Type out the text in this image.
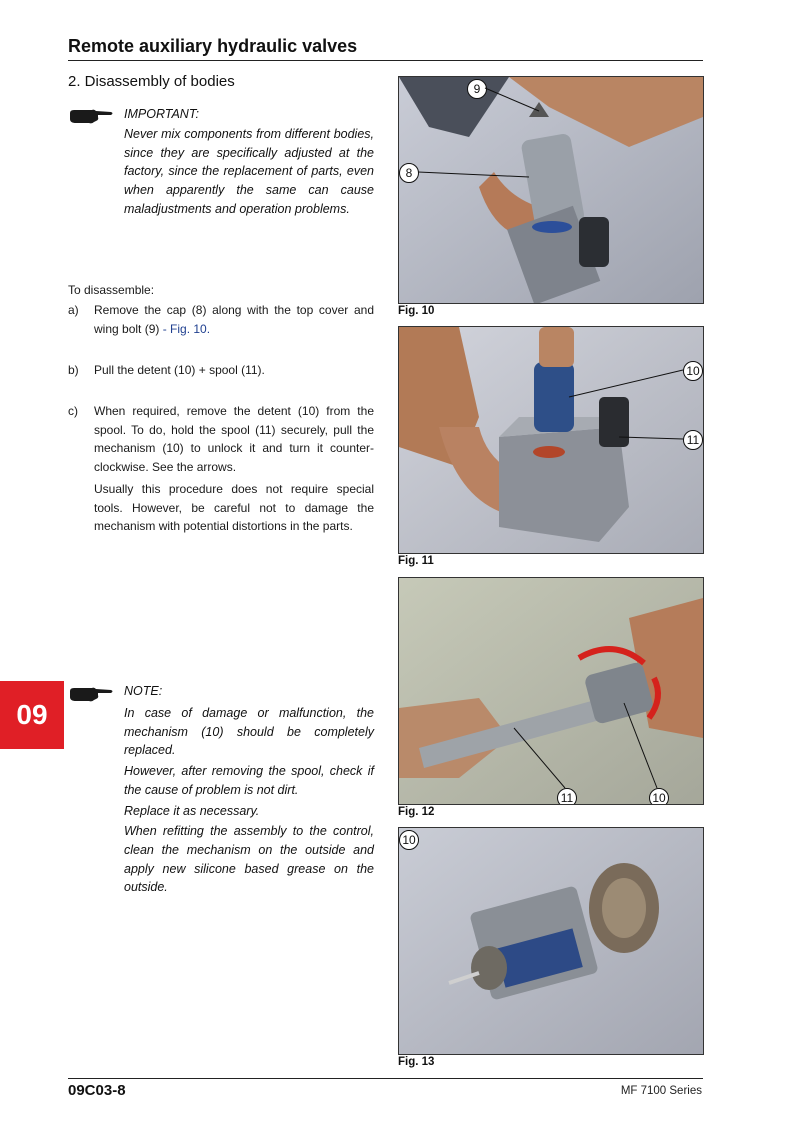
Remote auxiliary hydraulic valves
2. Disassembly of bodies
IMPORTANT:

Never mix components from different bodies, since they are specifically adjusted at the factory, since the replacement of parts, even when apparently the same can cause maladjustments and operation problems.

To disassemble:
a) Remove the cap (8) along with the top cover and wing bolt (9) - Fig. 10.
b) Pull the detent (10) + spool (11).
c) When required, remove the detent (10) from the spool. To do, hold the spool (11) securely, pull the mechanism (10) to unlock it and turn it counter-clockwise. See the arrows.

Usually this procedure does not require special tools. However, be careful not to damage the mechanism with potential distortions in the parts.

09
NOTE:

In case of damage or malfunction, the mechanism (10) should be completely replaced.

However, after removing the spool, check if the cause of problem is not dirt.

Replace it as necessary.

When refitting the assembly to the control, clean the mechanism on the outside and apply new silicone based grease on the outside.

9
8
Fig. 10
10
11
Fig. 11
11	10
Fig. 12
10
Fig. 13
09C03-8	MF 7100 Series
